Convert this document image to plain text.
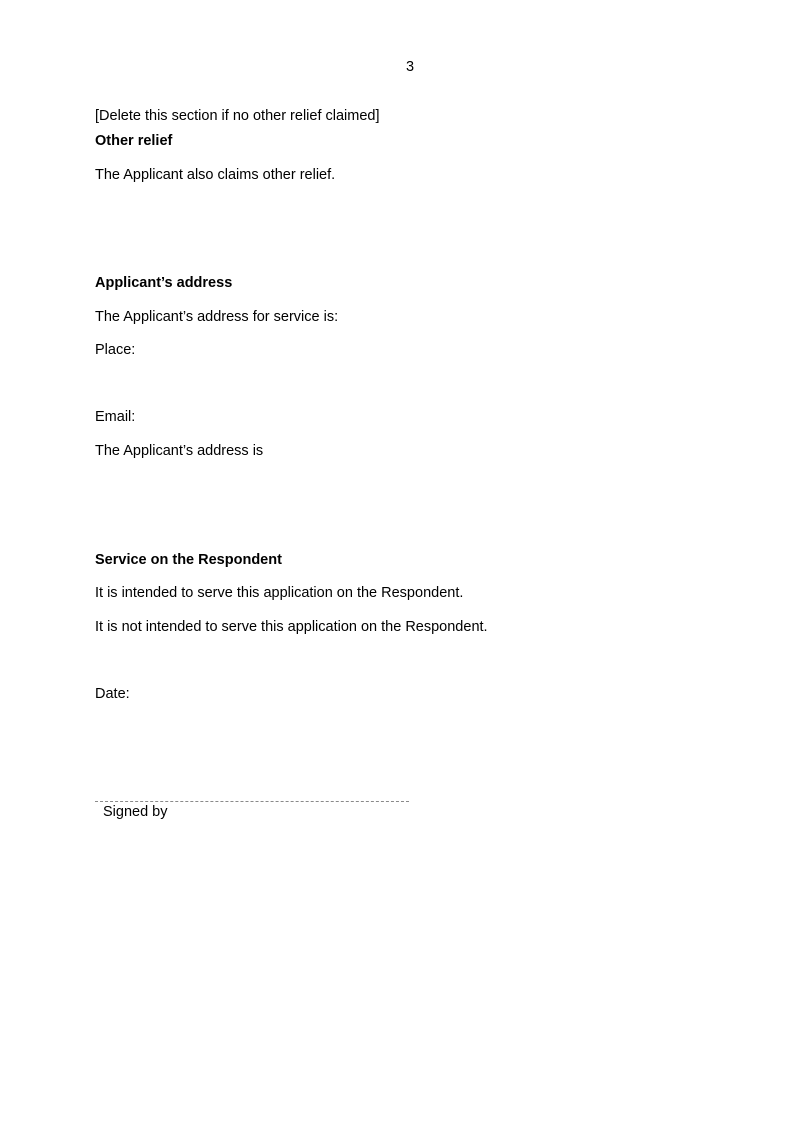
3
[Delete this section if no other relief claimed]
Other relief
The Applicant also claims other relief.
Applicant’s address
The Applicant’s address for service is:
Place:
Email:
The Applicant’s address is
Service on the Respondent
It is intended to serve this application on the Respondent.
It is not intended to serve this application on the Respondent.
Date:
Signed by
